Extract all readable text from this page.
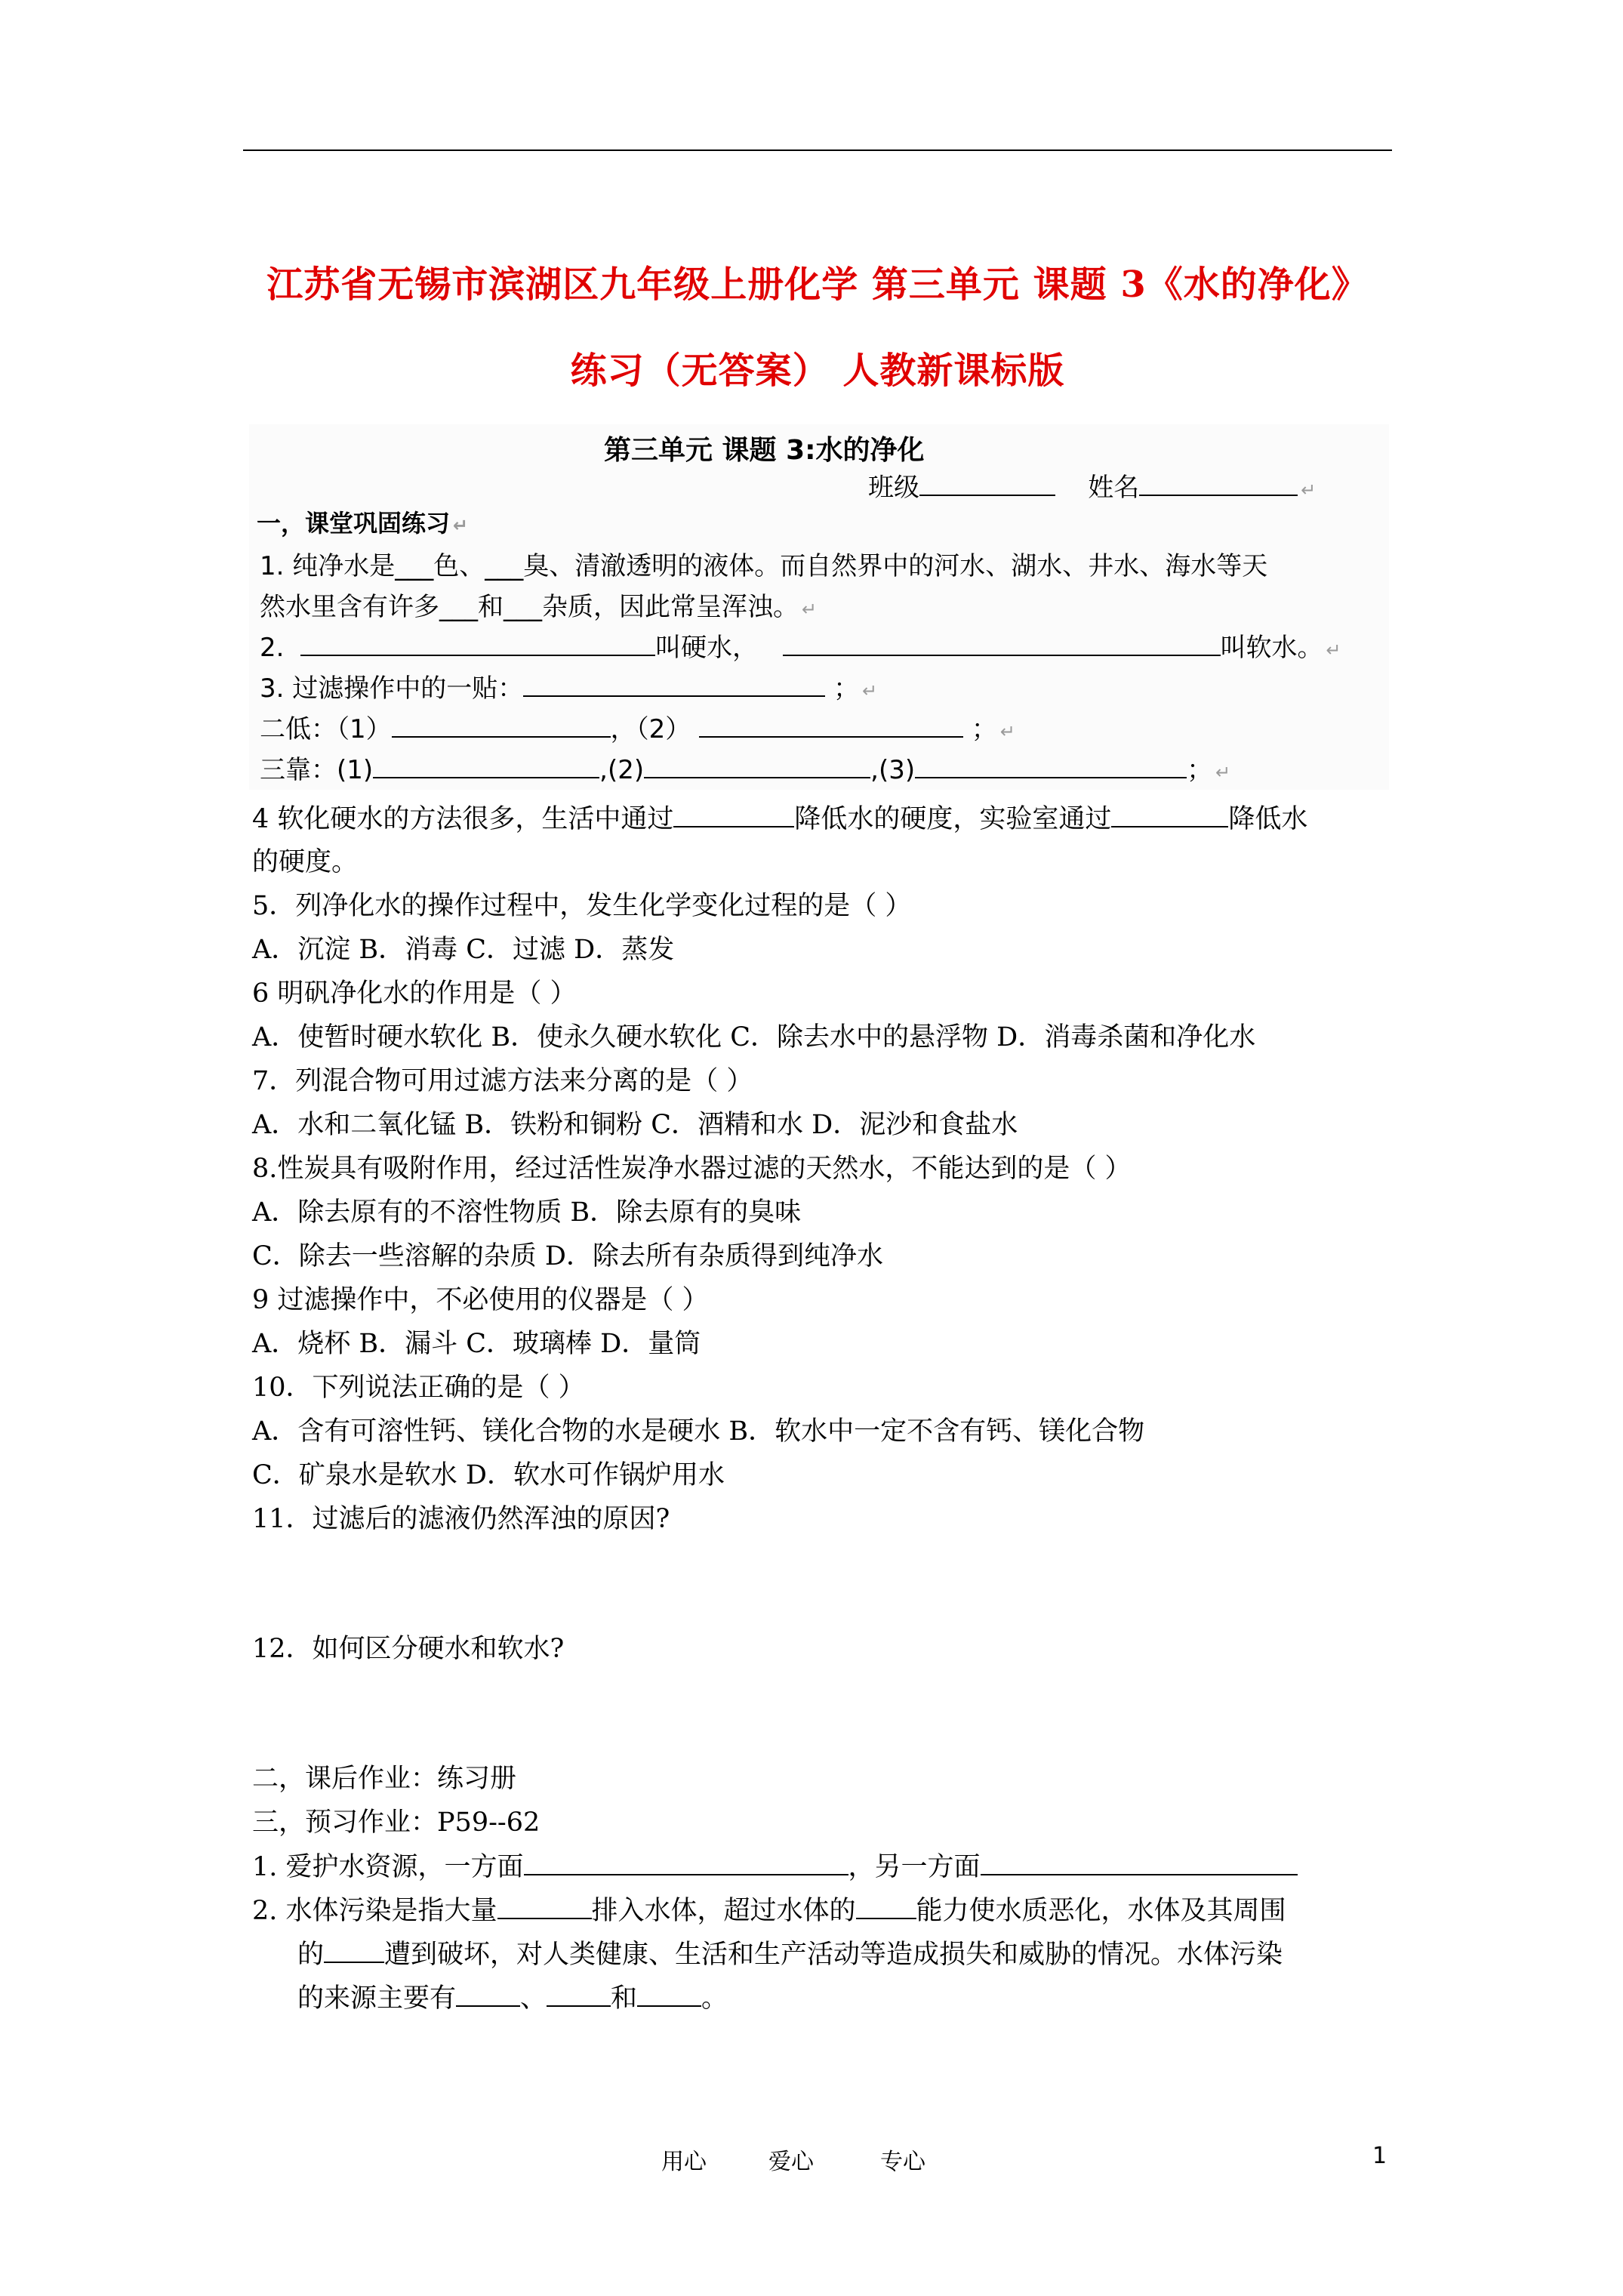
江苏省无锡市滨湖区九年级上册化学 第三单元 课题 3《水的净化》
练习（无答案） 人教新课标版
第三单元 课题 3:水的净化
班级	姓名	↵
一，课堂巩固练习 ↵
1. 纯净水是___色、___臭、清澈透明的液体。而自然界中的河水、湖水、井水、海水等天
然水里含有许多___和___杂质，因此常呈浑浊。 ↵
2.	叫硬水，	叫软水。 ↵
3. 过滤操作中的一贴：	； ↵
二低：（1）	，（2）	； ↵
三靠：(1)	,(2)	,(3)	； ↵
4 软化硬水的方法很多，生活中通过	降低水的硬度，实验室通过	降低水
的硬度。
5．列净化水的操作过程中，发生化学变化过程的是（ ）
A．沉淀 B．消毒 C．过滤 D．蒸发
6 明矾净化水的作用是（ ）
A．使暂时硬水软化 B．使永久硬水软化 C．除去水中的悬浮物 D．消毒杀菌和净化水
7．列混合物可用过滤方法来分离的是（ ）
A．水和二氧化锰 B．铁粉和铜粉 C．酒精和水 D．泥沙和食盐水
8.性炭具有吸附作用，经过活性炭净水器过滤的天然水，不能达到的是（ ）
A．除去原有的不溶性物质 B．除去原有的臭味
C．除去一些溶解的杂质 D．除去所有杂质得到纯净水
9 过滤操作中，不必使用的仪器是（ ）
A．烧杯 B．漏斗 C．玻璃棒 D．量筒
10．下列说法正确的是（ ）
A．含有可溶性钙、镁化合物的水是硬水 B．软水中一定不含有钙、镁化合物
C．矿泉水是软水 D．软水可作锅炉用水
11．过滤后的滤液仍然浑浊的原因?
12．如何区分硬水和软水?
二，课后作业：练习册
三，预习作业：P59--62
1. 爱护水资源，一方面	，另一方面
2. 水体污染是指大量	排入水体，超过水体的 能力使水质恶化，水体及其周围
的 遭到破坏，对人类健康、生活和生产活动等造成损失和威胁的情况。水体污染
的来源主要有 、 和 。
用心	爱心	专心	1
